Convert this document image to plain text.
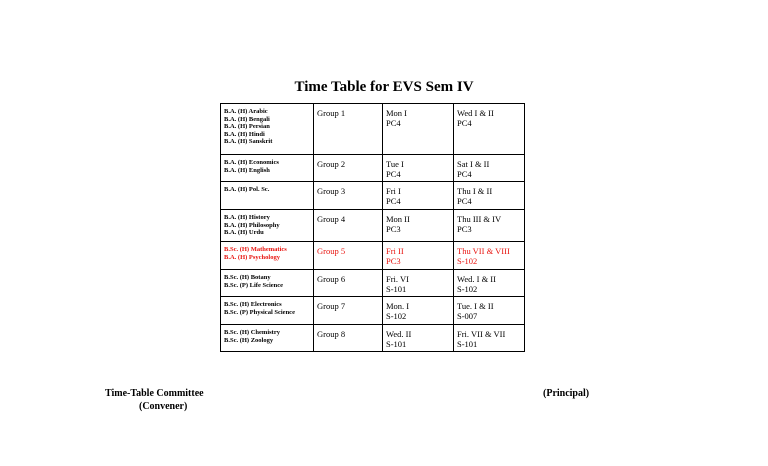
Time Table for EVS Sem IV
B.A. (H) Arabic
B.A. (H) Bengali
B.A. (H) Persian
B.A. (H) Hindi
B.A. (H) Sanskrit	Group 1	Mon I
PC4	Wed I & II
PC4

B.A. (H) Economics
B.A. (H) English	Group 2	Tue I
PC4	Sat I & II
PC4

B.A. (H) Pol. Sc.	Group 3	Fri I
PC4	Thu I & II
PC4

B.A. (H) History
B.A. (H) Philosophy
B.A. (H) Urdu	Group 4	Mon II
PC3	Thu III & IV
PC3

B.Sc. (H) Mathematics
B.A. (H) Psychology	Group 5	Fri II
PC3	Thu VII & VIII
S-102

B.Sc. (H) Botany
B.Sc. (P) Life Science	Group 6	Fri. VI
S-101	Wed. I & II
S-102

B.Sc. (H) Electronics
B.Sc. (P) Physical Science	Group 7	Mon. I
S-102	Tue. I & II
S-007

B.Sc. (H) Chemistry
B.Sc. (H) Zoology	Group 8	Wed. II
S-101	Fri. VII & VII
S-101
Time-Table Committee
(Convener)
(Principal)
